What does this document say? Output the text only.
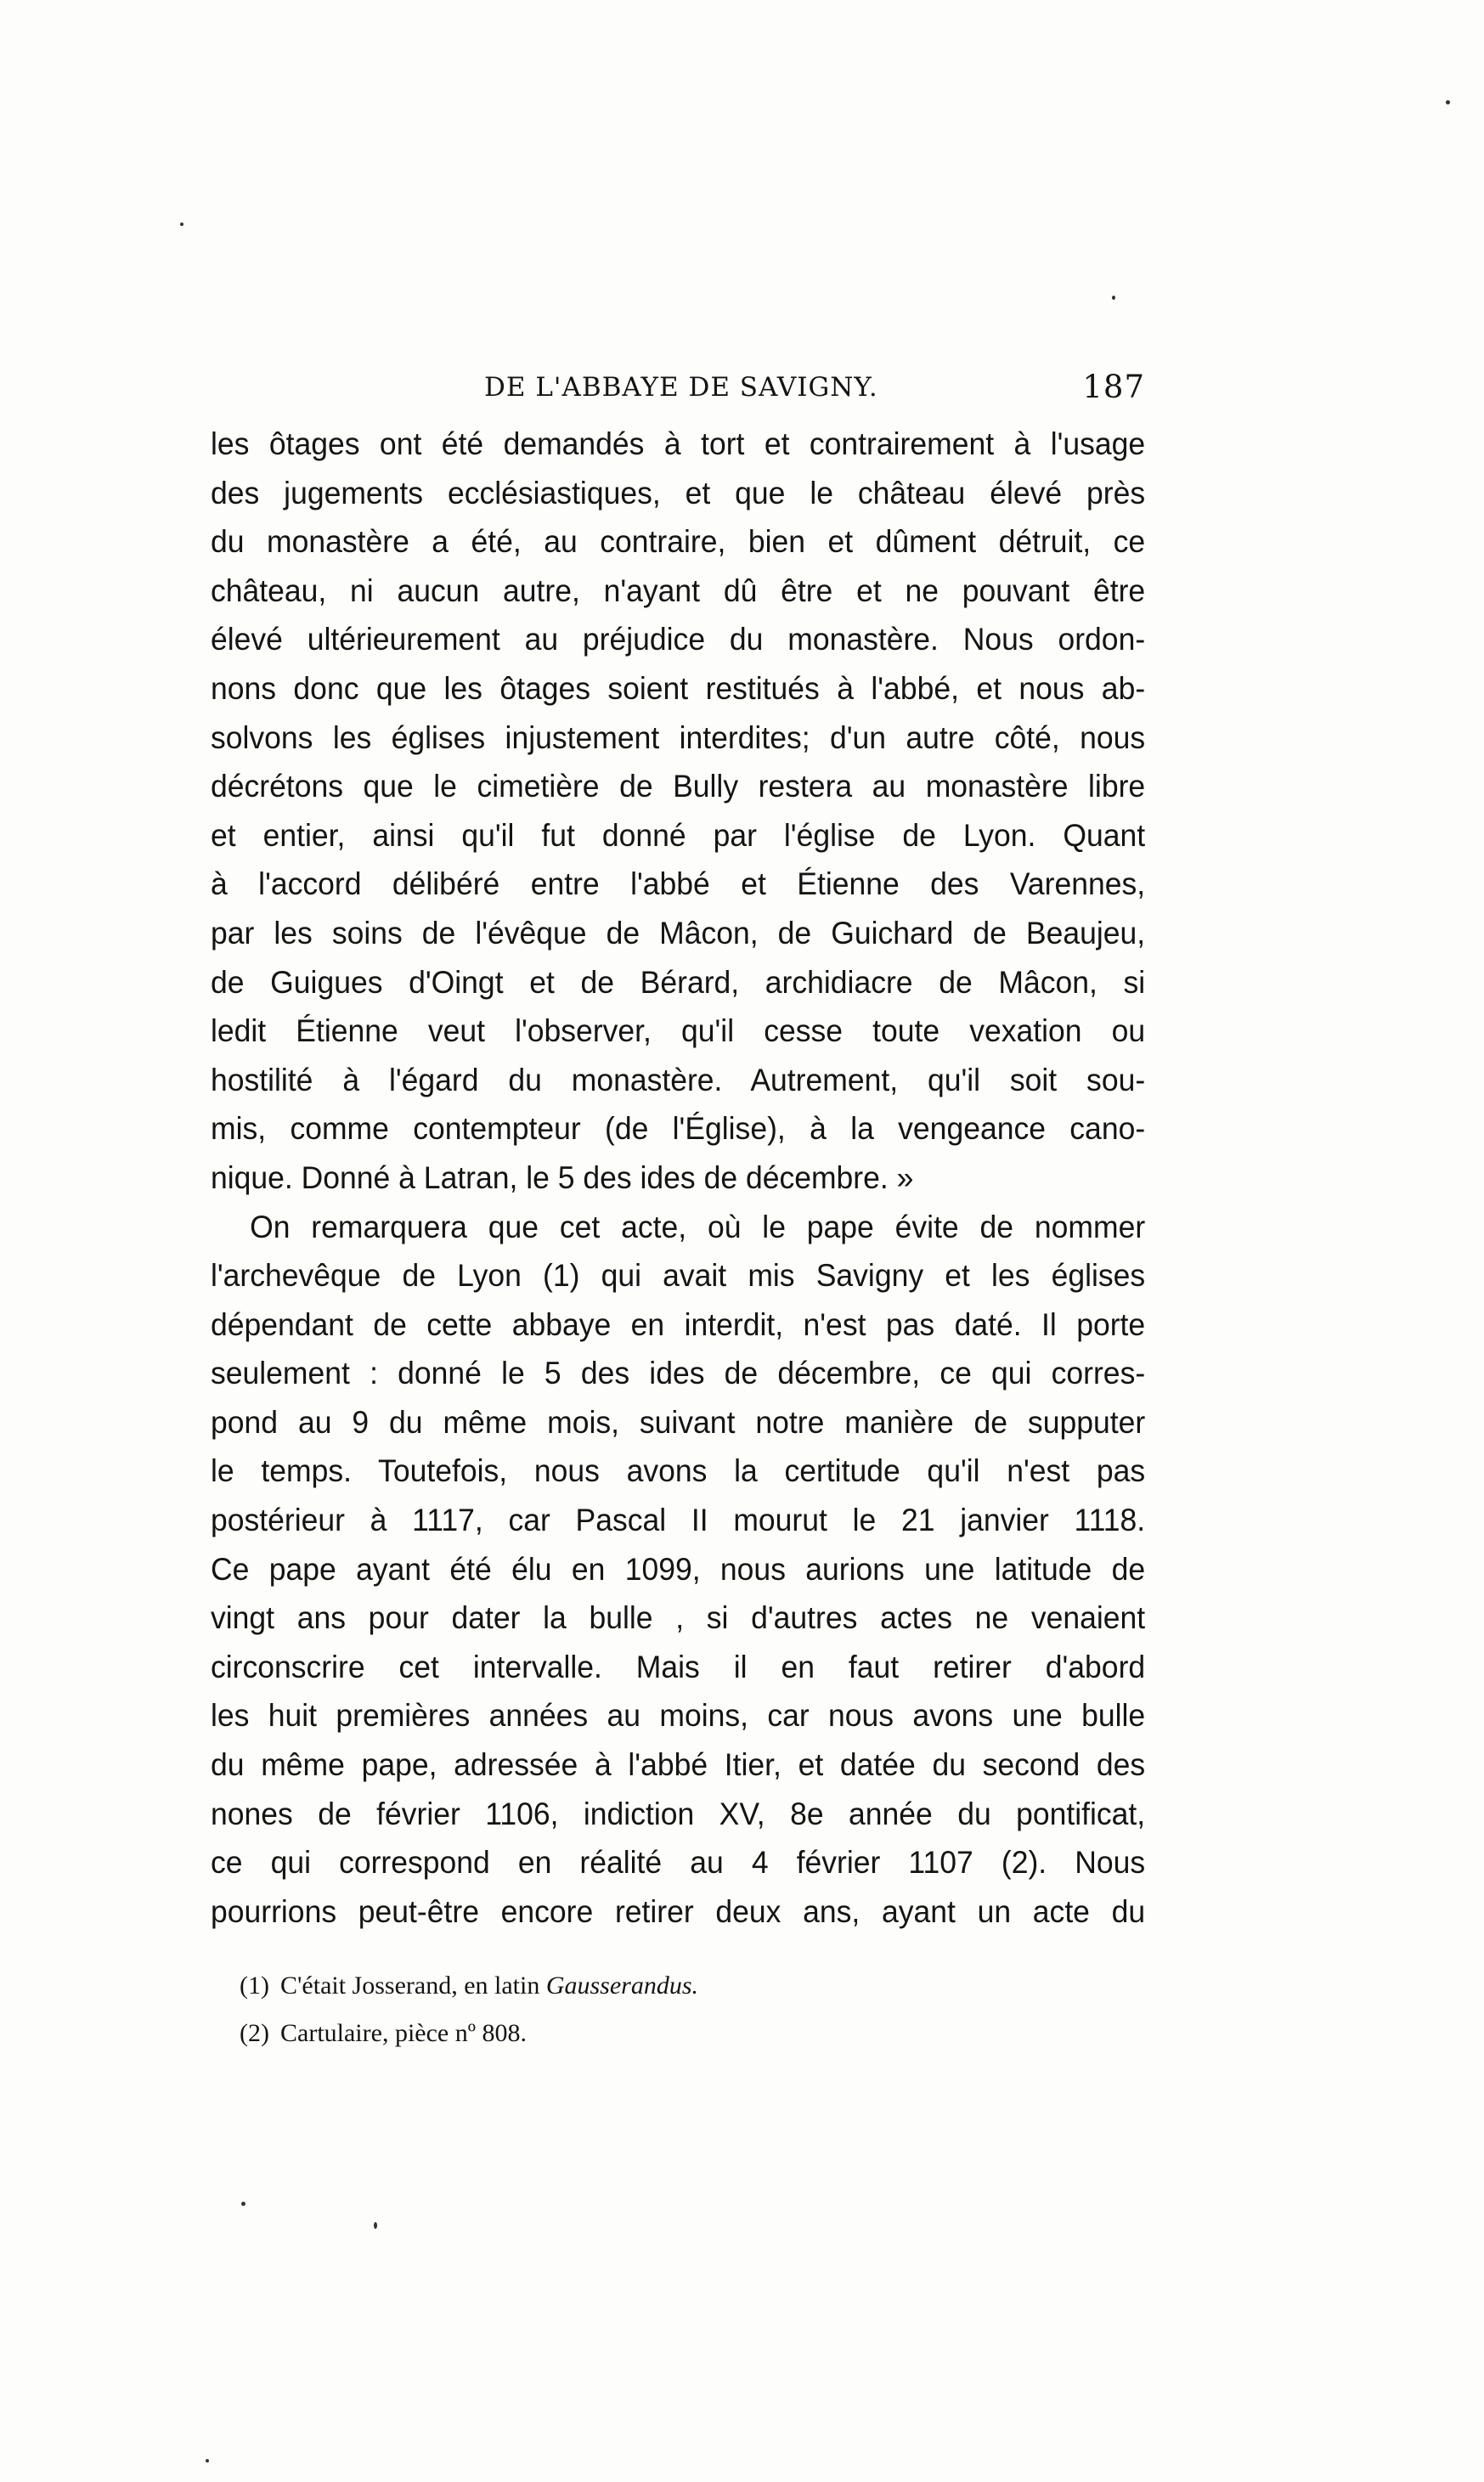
DE L'ABBAYE DE SAVIGNY.	187
les ôtages ont été demandés à tort et contrairement à l'usage
des jugements ecclésiastiques, et que le château élevé près
du monastère a été, au contraire, bien et dûment détruit, ce
château, ni aucun autre, n'ayant dû être et ne pouvant être
élevé ultérieurement au préjudice du monastère. Nous ordon-
nons donc que les ôtages soient restitués à l'abbé, et nous ab-
solvons les églises injustement interdites; d'un autre côté, nous
décrétons que le cimetière de Bully restera au monastère libre
et entier, ainsi qu'il fut donné par l'église de Lyon. Quant
à l'accord délibéré entre l'abbé et Étienne des Varennes,
par les soins de l'évêque de Mâcon, de Guichard de Beaujeu,
de Guigues d'Oingt et de Bérard, archidiacre de Mâcon, si
ledit Étienne veut l'observer, qu'il cesse toute vexation ou
hostilité à l'égard du monastère. Autrement, qu'il soit sou-
mis, comme contempteur (de l'Église), à la vengeance cano-
nique. Donné à Latran, le 5 des ides de décembre. »
On remarquera que cet acte, où le pape évite de nommer
l'archevêque de Lyon (1) qui avait mis Savigny et les églises
dépendant de cette abbaye en interdit, n'est pas daté. Il porte
seulement : donné le 5 des ides de décembre, ce qui corres-
pond au 9 du même mois, suivant notre manière de supputer
le temps. Toutefois, nous avons la certitude qu'il n'est pas
postérieur à 1117, car Pascal II mourut le 21 janvier 1118.
Ce pape ayant été élu en 1099, nous aurions une latitude de
vingt ans pour dater la bulle , si d'autres actes ne venaient
circonscrire cet intervalle. Mais il en faut retirer d'abord
les huit premières années au moins, car nous avons une bulle
du même pape, adressée à l'abbé Itier, et datée du second des
nones de février 1106, indiction XV, 8e année du pontificat,
ce qui correspond en réalité au 4 février 1107 (2). Nous
pourrions peut-être encore retirer deux ans, ayant un acte du
(1) C'était Josserand, en latin Gausserandus.
(2) Cartulaire, pièce nº 808.
